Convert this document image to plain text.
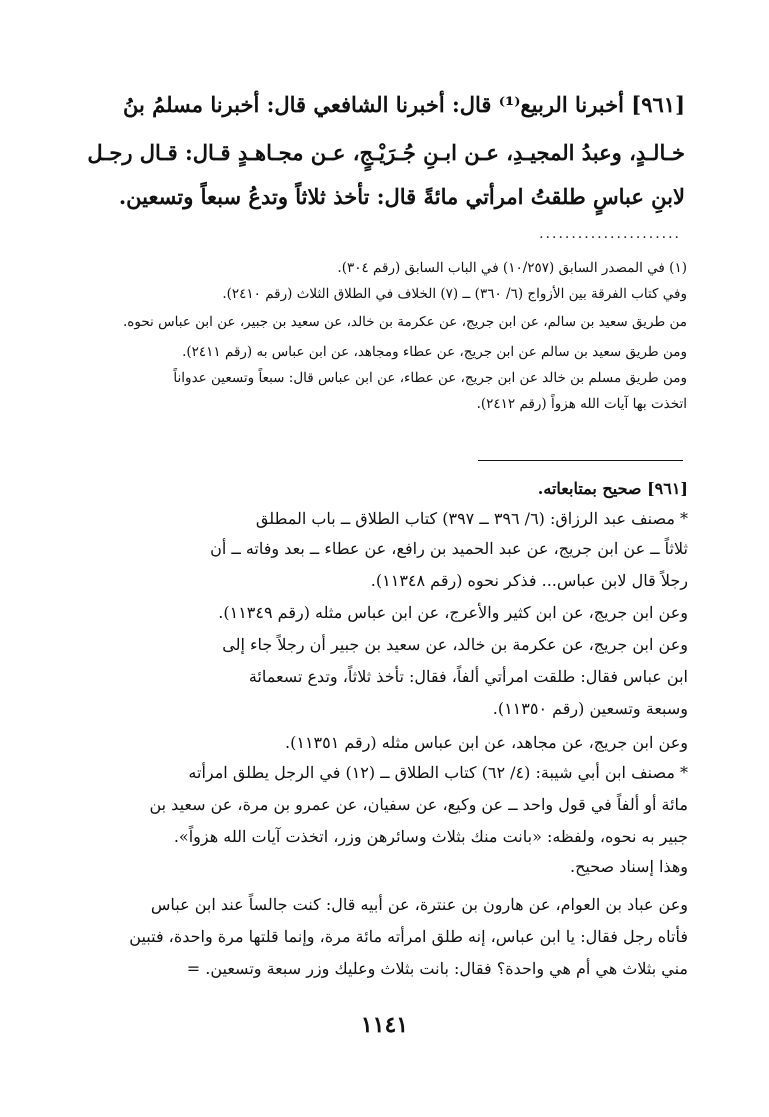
[٩٦١] أخبرنا الربيع⁽¹⁾ قال: أخبرنا الشافعي قال: أخبرنا مسلمُ بنُ
خـالـدٍ، وعبدُ المجيـدِ، عـن ابـنِ جُـرَيْـجٍ، عـن مجـاهـدٍ قـال: قـال رجـل
لابنِ عباسٍ طلقتُ امرأتي مائةً قال: تأخذ ثلاثاً وتدعُ سبعاً وتسعين.
......................
(١) في المصدر السابق (١٠/٢٥٧) في الباب السابق (رقم ٣٠٤).
وفي كتاب الفرقة بين الأزواج (٦/ ٣٦٠) ــ (٧) الخلاف في الطلاق الثلاث (رقم ٢٤١٠).
من طريق سعيد بن سالم، عن ابن جريج، عن عكرمة بن خالد، عن سعيد بن جبير، عن ابن عباس نحوه.
ومن طريق سعيد بن سالم عن ابن جريج، عن عطاء ومجاهد، عن ابن عباس به (رقم ٢٤١١).
ومن طريق مسلم بن خالد عن ابن جريج، عن عطاء، عن ابن عباس قال: سبعاً وتسعين عدواناً
اتخذت بها آيات الله هزواً (رقم ٢٤١٢).
[٩٦١] صحيح بمتابعاته.
* مصنف عبد الرزاق: (٦/ ٣٩٦ ــ ٣٩٧) كتاب الطلاق ــ باب المطلق
ثلاثاً ــ عن ابن جريج، عن عبد الحميد بن رافع، عن عطاء ــ بعد وفاته ــ أن
رجلاً قال لابن عباس... فذكر نحوه (رقم ١١٣٤٨).
وعن ابن جريج، عن ابن كثير والأعرج، عن ابن عباس مثله (رقم ١١٣٤٩).
وعن ابن جريج، عن عكرمة بن خالد، عن سعيد بن جبير أن رجلاً جاء إلى
ابن عباس فقال: طلقت امرأتي ألفاً، فقال: تأخذ ثلاثاً، وتدع تسعمائة
وسبعة وتسعين (رقم ١١٣٥٠).
وعن ابن جريج، عن مجاهد، عن ابن عباس مثله (رقم ١١٣٥١).
* مصنف ابن أبي شيبة: (٤/ ٦٢) كتاب الطلاق ــ (١٢) في الرجل يطلق امرأته
مائة أو ألفاً في قول واحد ــ عن وكيع، عن سفيان، عن عمرو بن مرة، عن سعيد بن
جبير به نحوه، ولفظه: «بانت منك بثلاث وسائرهن وزر، اتخذت آيات الله هزواً».
وهذا إسناد صحيح.
وعن عباد بن العوام، عن هارون بن عنترة، عن أبيه قال: كنت جالساً عند ابن عباس
فأتاه رجل فقال: يا ابن عباس، إنه طلق امرأته مائة مرة، وإنما قلتها مرة واحدة، فتبين
مني بثلاث هي أم هي واحدة؟ فقال: بانت بثلاث وعليك وزر سبعة وتسعين. =
١١٤١
